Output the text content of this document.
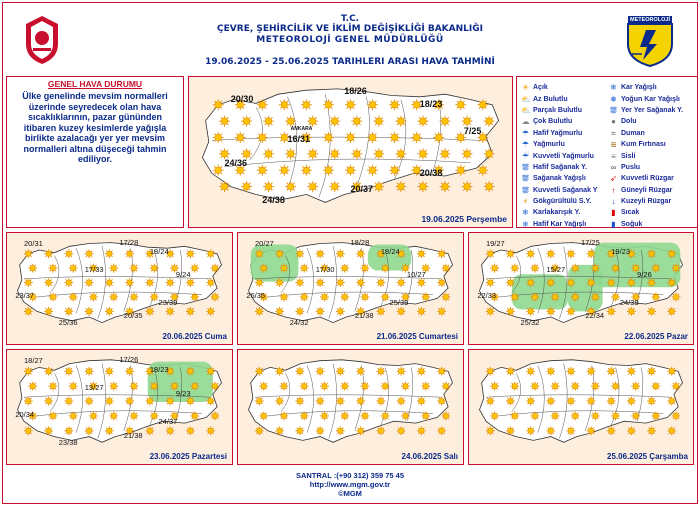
METEOROLOJİ
T.C.
ÇEVRE, ŞEHİRCİLİK VE İKLİM DEĞİŞİKLİĞİ BAKANLIĞI
METEOROLOJİ GENEL MÜDÜRLÜĞÜ
19.06.2025 - 25.06.2025 TARIHLERI ARASI HAVA TAHMİNİ
GENEL HAVA DURUMU
Ülke genelinde mevsim normalleri üzerinde seyredecek olan hava sıcaklıklarının, pazar gününden itibaren kuzey kesimlerde yağışla birlikte azalacağı yer yer mevsim normalleri altına düşeceği tahmin ediliyor.
☀ Açık
⛅ Az Bulutlu
⛅ Parçalı Bulutlu
☁ Çok Bulutlu
☂ Hafif Yağmurlu
☂ Yağmurlu
☔ Kuvvetli Yağmurlu
⛆ Hafif Sağanak Y.
⛆ Sağanak Yağışlı
⛆ Kuvvetli Sağanak Y
⚡ Gökgürültülü S.Y.
❄ Karlakarışık Y.
❄ Hafif Kar Yağışlı
❄ Kar Yağışlı
❅ Yoğun Kar Yağışlı
⛆ Yer Yer Sağanak Y.
● Dolu
≈ Duman
≋ Kum Fırtınası
≡ Sisli
∞ Puslu
➶ Kuvvetli Rüzgar
↑ Güneyli Rüzgar
↓ Kuzeyli Rüzgar
▮ Sıcak
▮ Soğuk
20/30
18/26
18/23
16/31
7/25
24/36
20/38
20/37
24/38
ANKARA
19.06.2025 Perşembe
20/31	17/28
18/24
17/33
9/24
23/37
23/39
20/35
25/36
20.06.2025 Cuma
20/27	18/28
18/24
17/30
10/27
26/35
25/39
21/38
24/32
21.06.2025 Cumartesi
19/27	17/25
19/23
15/27
9/26
22/33
24/39
22/34
25/32
22.06.2025 Pazar
18/27	17/26
18/23
13/27
9/23
20/34
24/37
21/38
23/38
23.06.2025 Pazartesi	24.06.2025 Salı	25.06.2025 Çarşamba
SANTRAL :(+90 312) 359 75 45
http://www.mgm.gov.tr
©MGM
